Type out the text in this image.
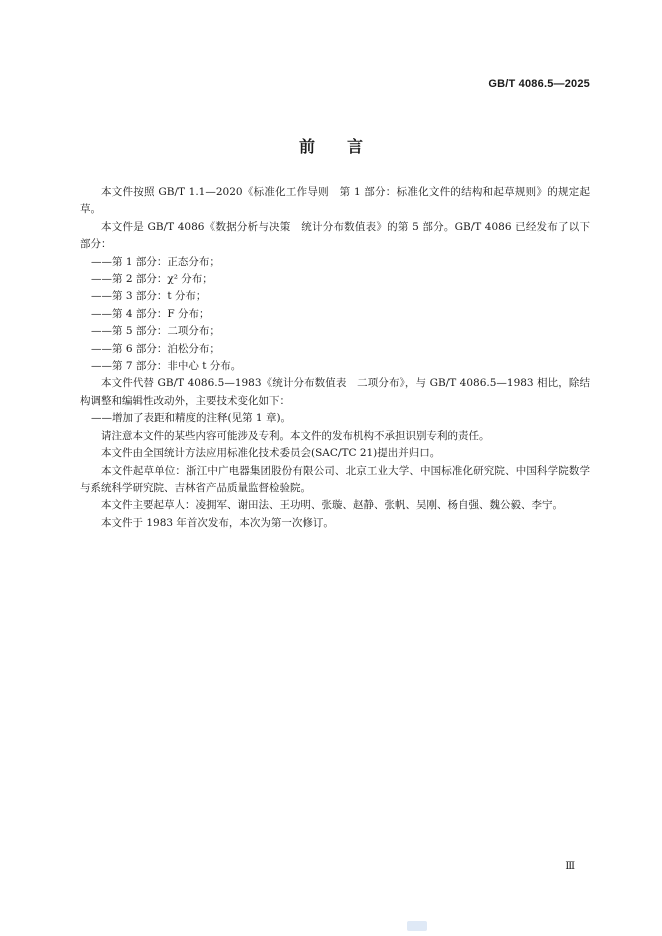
GB/T 4086.5—2025
前言

本文件按照 GB/T 1.1—2020《标准化工作导则　第 1 部分：标准化文件的结构和起草规则》的规定起草。

本文件是 GB/T 4086《数据分析与决策　统计分布数值表》的第 5 部分。GB/T 4086 已经发布了以下部分：

——第 1 部分：正态分布；

——第 2 部分：χ² 分布；

——第 3 部分：t 分布；

——第 4 部分：F 分布；

——第 5 部分：二项分布；

——第 6 部分：泊松分布；

——第 7 部分：非中心 t 分布。

本文件代替 GB/T 4086.5—1983《统计分布数值表　二项分布》，与 GB/T 4086.5—1983 相比，除结构调整和编辑性改动外，主要技术变化如下：

——增加了表距和精度的注释(见第 1 章)。

请注意本文件的某些内容可能涉及专利。本文件的发布机构不承担识别专利的责任。

本文件由全国统计方法应用标准化技术委员会(SAC/TC 21)提出并归口。

本文件起草单位：浙江中广电器集团股份有限公司、北京工业大学、中国标准化研究院、中国科学院数学与系统科学研究院、吉林省产品质量监督检验院。

本文件主要起草人：凌拥军、谢田法、王功明、张璇、赵静、张帆、吴刚、杨自强、魏公毅、李宁。

本文件于 1983 年首次发布，本次为第一次修订。

Ⅲ
